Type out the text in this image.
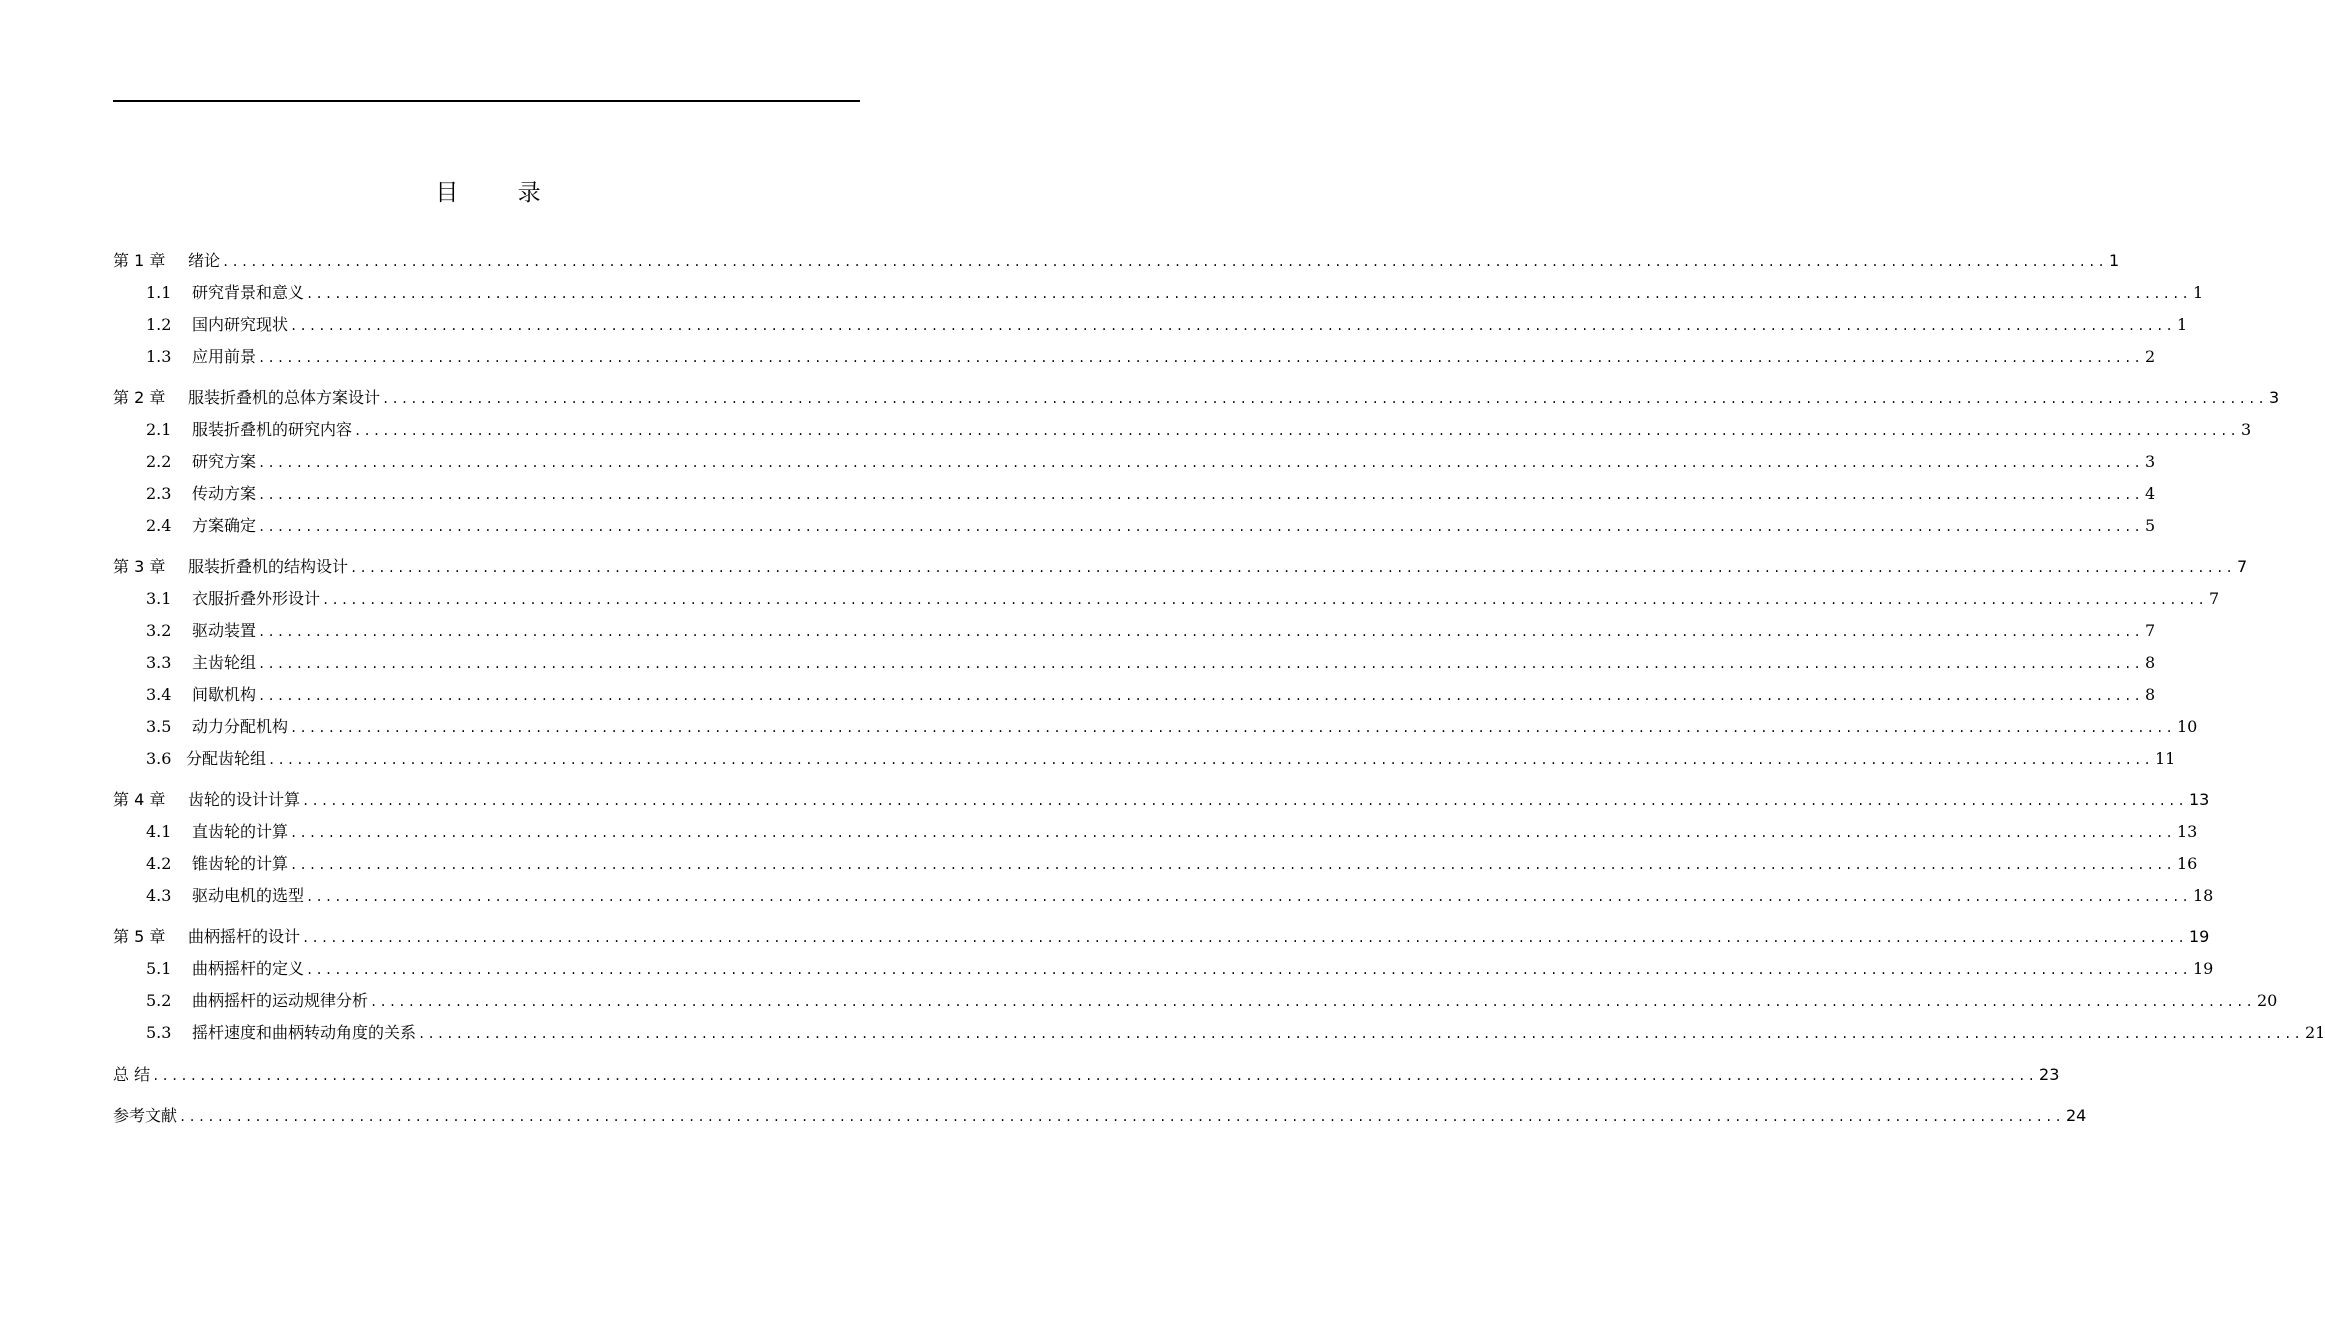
目 录
第 1 章	绪论 ........................................................................................................................................................................................................ 1
1.1	研究背景和意义 ........................................................................................................................................................................................................ 1
1.2	国内研究现状 ........................................................................................................................................................................................................ 1
1.3	应用前景 ........................................................................................................................................................................................................ 2
第 2 章	服装折叠机的总体方案设计 ........................................................................................................................................................................................................ 3
2.1	服装折叠机的研究内容 ........................................................................................................................................................................................................ 3
2.2	研究方案 ........................................................................................................................................................................................................ 3
2.3	传动方案 ........................................................................................................................................................................................................ 4
2.4	方案确定 ........................................................................................................................................................................................................ 5
第 3 章	服装折叠机的结构设计 ........................................................................................................................................................................................................ 7
3.1	衣服折叠外形设计 ........................................................................................................................................................................................................ 7
3.2	驱动装置 ........................................................................................................................................................................................................ 7
3.3	主齿轮组 ........................................................................................................................................................................................................ 8
3.4	间歇机构 ........................................................................................................................................................................................................ 8
3.5	动力分配机构 ........................................................................................................................................................................................................ 10
3.6 分配齿轮组 ........................................................................................................................................................................................................ 11
第 4 章	齿轮的设计计算 ........................................................................................................................................................................................................ 13
4.1	直齿轮的计算 ........................................................................................................................................................................................................ 13
4.2	锥齿轮的计算 ........................................................................................................................................................................................................ 16
4.3	驱动电机的选型 ........................................................................................................................................................................................................ 18
第 5 章	曲柄摇杆的设计 ........................................................................................................................................................................................................ 19
5.1	曲柄摇杆的定义 ........................................................................................................................................................................................................ 19
5.2	曲柄摇杆的运动规律分析 ........................................................................................................................................................................................................ 20
5.3	摇杆速度和曲柄转动角度的关系 ........................................................................................................................................................................................................ 21
总 结 ........................................................................................................................................................................................................ 23
参考文献 ........................................................................................................................................................................................................ 24
